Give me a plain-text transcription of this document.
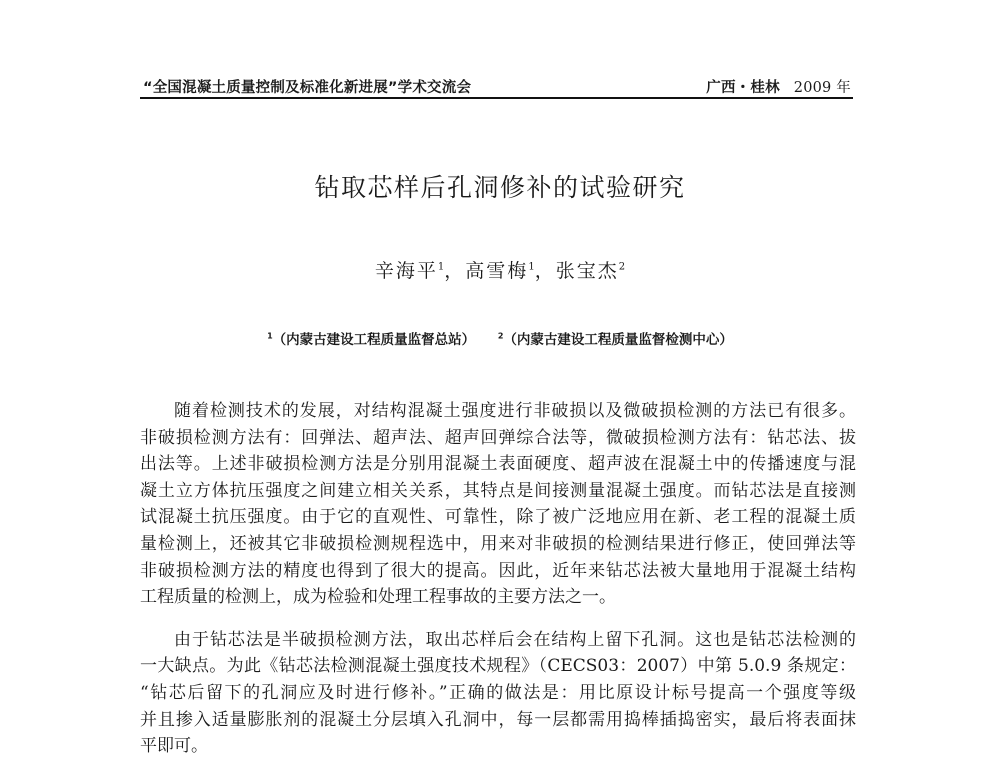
“全国混凝土质量控制及标准化新进展”学术交流会	广西・桂林 2009 年
钻取芯样后孔洞修补的试验研究
辛海平$^1$，高雪梅$^1$，张宝杰$^2$
$^1$（内蒙古建设工程质量监督总站）	$^2$（内蒙古建设工程质量监督检测中心）

随着检测技术的发展，对结构混凝土强度进行非破损以及微破损检测的方法已有很多。
非破损检测方法有：回弹法、超声法、超声回弹综合法等，微破损检测方法有：钻芯法、拔
出法等。上述非破损检测方法是分别用混凝土表面硬度、超声波在混凝土中的传播速度与混
凝土立方体抗压强度之间建立相关关系，其特点是间接测量混凝土强度。而钻芯法是直接测
试混凝土抗压强度。由于它的直观性、可靠性，除了被广泛地应用在新、老工程的混凝土质
量检测上，还被其它非破损检测规程选中，用来对非破损的检测结果进行修正，使回弹法等
非破损检测方法的精度也得到了很大的提高。因此，近年来钻芯法被大量地用于混凝土结构
工程质量的检测上，成为检验和处理工程事故的主要方法之一。

由于钻芯法是半破损检测方法，取出芯样后会在结构上留下孔洞。这也是钻芯法检测的
一大缺点。为此《钻芯法检测混凝土强度技术规程》（CECS03：2007）中第 5.0.9 条规定：
“钻芯后留下的孔洞应及时进行修补。”正确的做法是：用比原设计标号提高一个强度等级
并且掺入适量膨胀剂的混凝土分层填入孔洞中，每一层都需用捣棒插捣密实，最后将表面抹
平即可。
